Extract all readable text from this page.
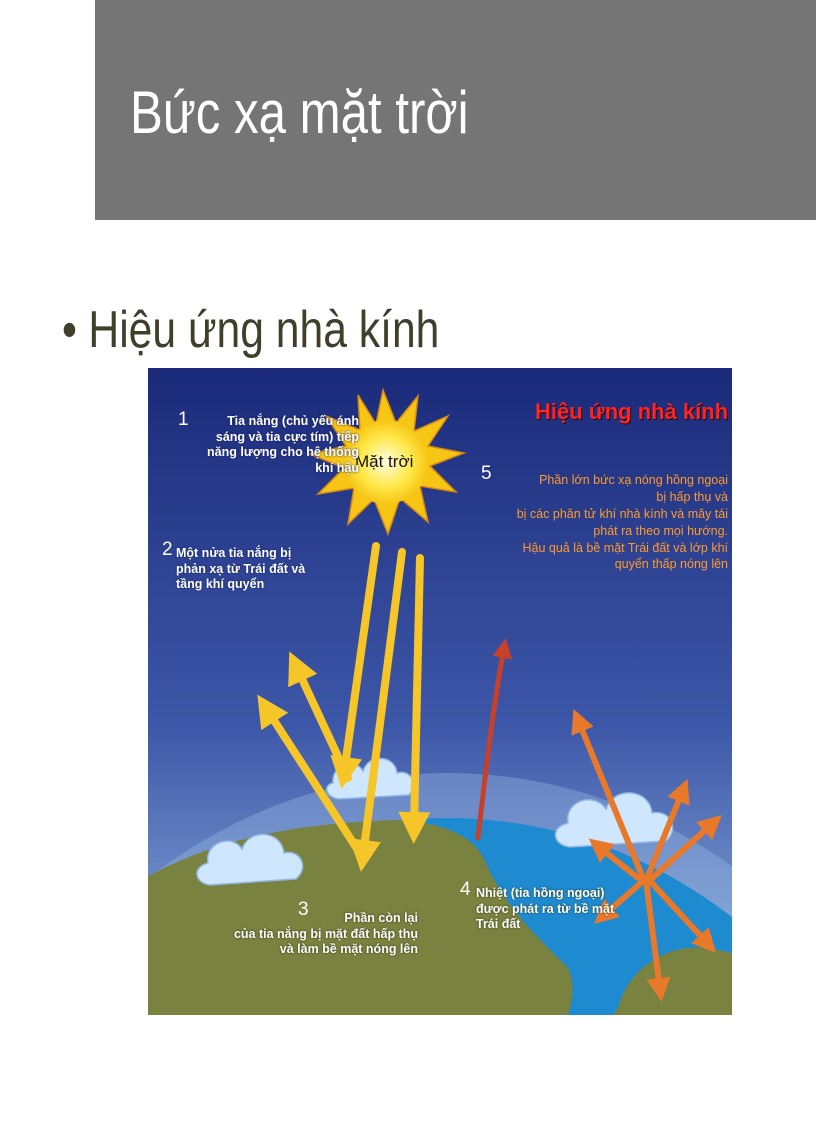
Bức xạ mặt trời
• Hiệu ứng nhà kính
Hiệu ứng nhà kính
Mặt trời
1	Tia nắng (chủ yếu ánh
sáng và tia cực tím) tiếp
năng lượng cho hệ thống
khí hậu
2 Một nửa tia nắng bị
phản xạ từ Trái đất và
tầng khí quyển
5	Phần lớn bức xạ nóng hồng ngoại
bị hấp thụ và
bị các phân tử khí nhà kính và mây tái
phát ra theo mọi hướng.
Hậu quả là bề mặt Trái đất và lớp khí
quyển thấp nóng lên
3	Phần còn lại
của tia nắng bị mặt đất hấp thụ
và làm bề mặt nóng lên
4 Nhiệt (tia hồng ngoại)
được phát ra từ bề mặt
Trái đất
